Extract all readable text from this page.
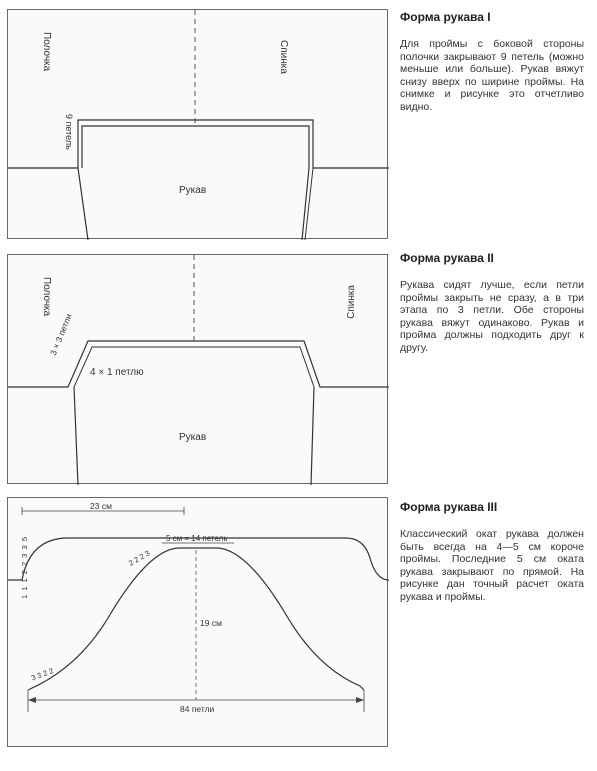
Полочка	Спинка
Рукав
9 петель
Полочка	Спинка
Рукав
4 × 1 петлю
3 × 3 петли
23 см
5 см = 14 петель
19 см
84 петли
1 1 1 2 2 3 3 5	2 2 2 3
3 3 2 2
Форма рукава I

Для проймы с боковой стороны полочки закрывают 9 петель (можно меньше или больше). Рукав вяжут снизу вверх по ширине проймы. На снимке и рисунке это отчетливо видно.

Форма рукава II

Рукава сидят лучше, если петли проймы закрыть не сразу, а в три этапа по 3 петли. Обе стороны рукава вяжут одинаково. Рукав и пройма должны подходить друг к другу.

Форма рукава III

Классический окат рукава должен быть всегда на 4—5 см короче проймы. Последние 5 см оката рукава закрывают по прямой. На рисунке дан точный расчет оката рукава и проймы.
